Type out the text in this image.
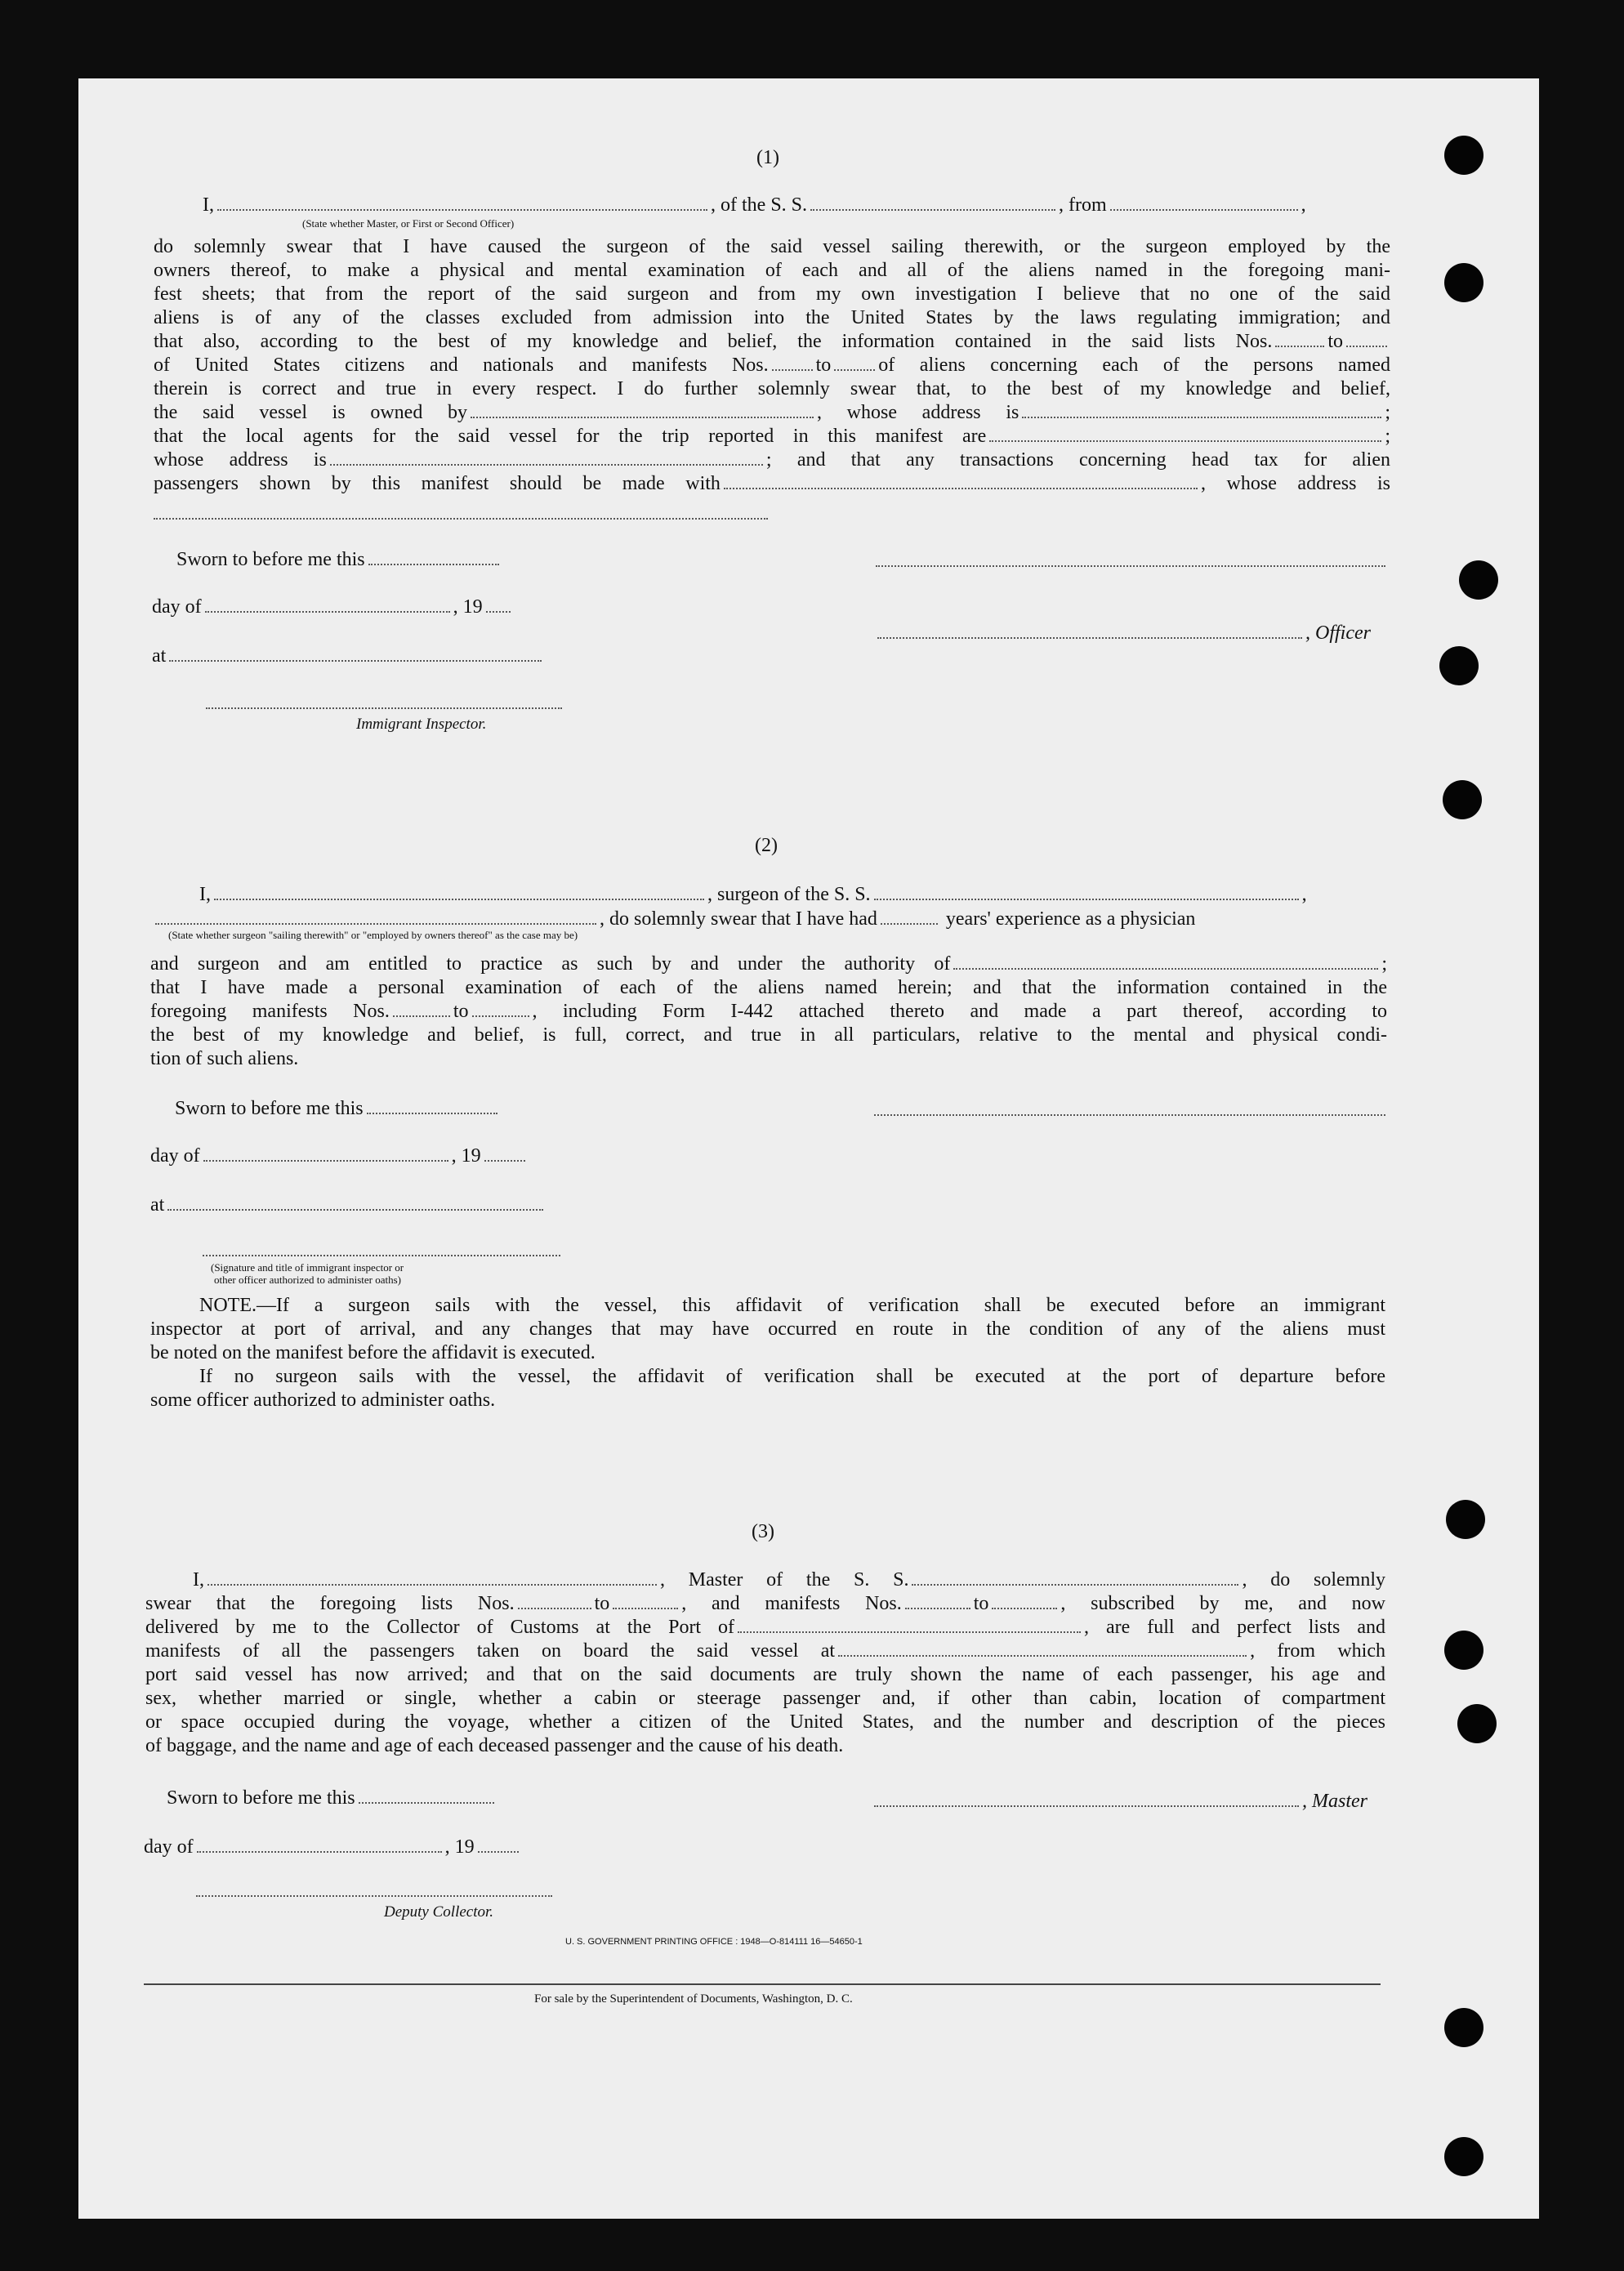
(1)
I,	, of the S. S.	, from	,
(State whether Master, or First or Second Officer)
do solemnly swear that I have caused the surgeon of the said vessel sailing therewith, or the surgeon employed by the
owners thereof, to make a physical and mental examination of each and all of the aliens named in the foregoing mani-
fest sheets; that from the report of the said surgeon and from my own investigation I believe that no one of the said
aliens is of any of the classes excluded from admission into the United States by the laws regulating immigration; and
that also, according to the best of my knowledge and belief, the information contained in the said lists Nos.	to
of United States citizens and nationals and manifests Nos. to of aliens concerning each of the persons named
therein is correct and true in every respect. I do further solemnly swear that, to the best of my knowledge and belief,
the said vessel is owned by	, whose address is	;
that the local agents for the said vessel for the trip reported in this manifest are	;
whose address is	; and that any transactions concerning head tax for alien
passengers shown by this manifest should be made with	, whose address is
Sworn to before me this
day of	, 19
, Officer
at
Immigrant Inspector.
(2)
I,	, surgeon of the S. S.	,
, do solemnly swear that I have had	years' experience as a physician
(State whether surgeon "sailing therewith" or "employed by owners thereof" as the case may be)
and surgeon and am entitled to practice as such by and under the authority of	;
that I have made a personal examination of each of the aliens named herein; and that the information contained in the
foregoing manifests Nos.	to	, including Form I-442 attached thereto and made a part thereof, according to
the best of my knowledge and belief, is full, correct, and true in all particulars, relative to the mental and physical condi-
tion of such aliens.
Sworn to before me this
day of	, 19
at
(Signature and title of immigrant inspector or
other officer authorized to administer oaths)
NOTE.—If a surgeon sails with the vessel, this affidavit of verification shall be executed before an immigrant
inspector at port of arrival, and any changes that may have occurred en route in the condition of any of the aliens must
be noted on the manifest before the affidavit is executed.
If no surgeon sails with the vessel, the affidavit of verification shall be executed at the port of departure before
some officer authorized to administer oaths.
(3)
I,	, Master of the S. S.	, do solemnly
swear that the foregoing lists Nos.	to	, and manifests Nos.	to	, subscribed by me, and now
delivered by me to the Collector of Customs at the Port of	, are full and perfect lists and
manifests of all the passengers taken on board the said vessel at	, from which
port said vessel has now arrived; and that on the said documents are truly shown the name of each passenger, his age and
sex, whether married or single, whether a cabin or steerage passenger and, if other than cabin, location of compartment
or space occupied during the voyage, whether a citizen of the United States, and the number and description of the pieces
of baggage, and the name and age of each deceased passenger and the cause of his death.
Sworn to before me this	, Master
day of	, 19
Deputy Collector.
U. S. GOVERNMENT PRINTING OFFICE : 1948—O-814111 16—54650-1
For sale by the Superintendent of Documents, Washington, D. C.
